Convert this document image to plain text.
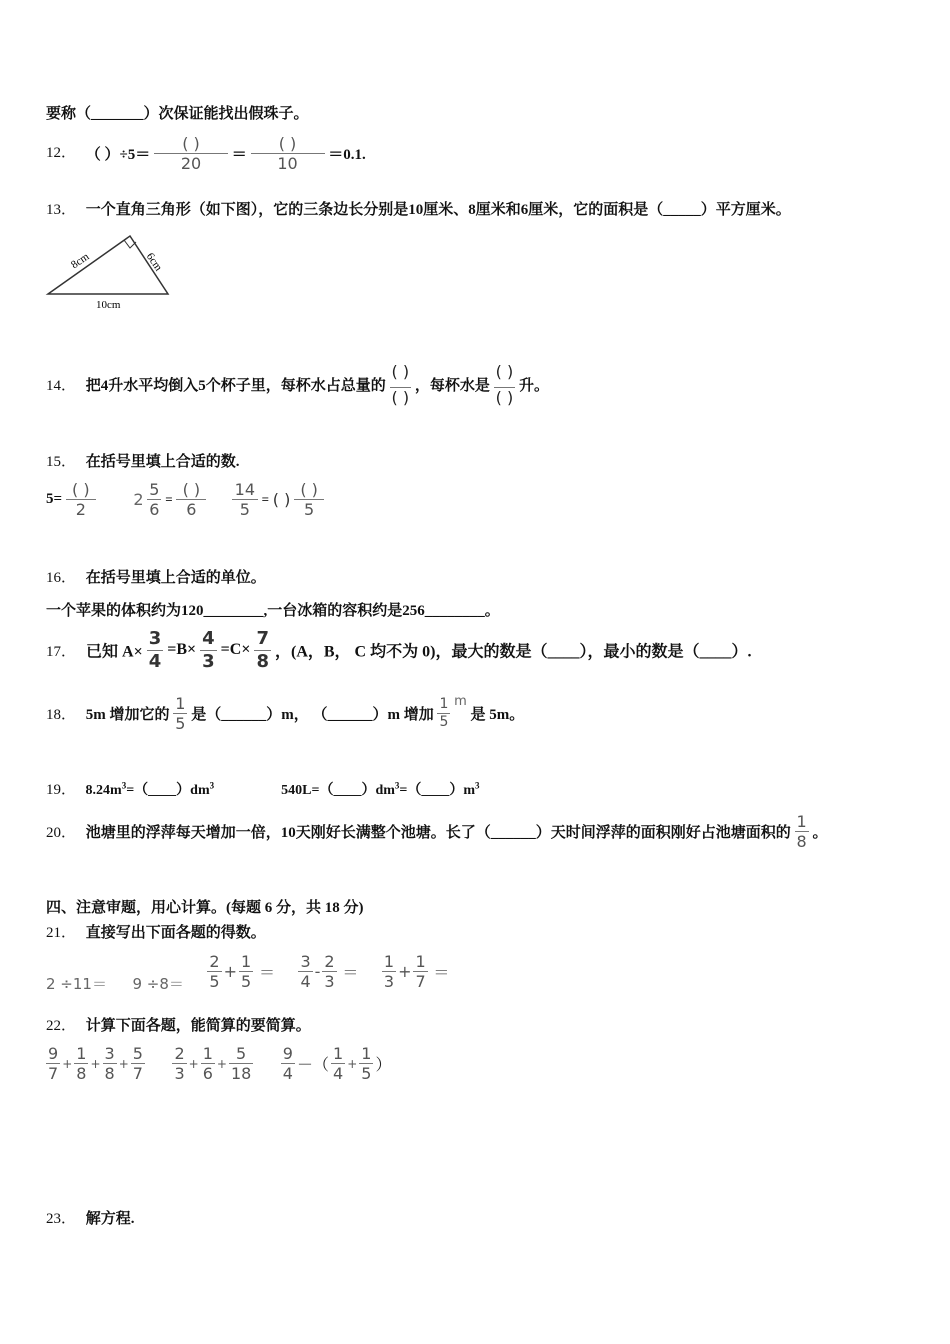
要称（_______）次保证能找出假珠子。
12． （ ）$\div 5= \frac{( )}{20} = \frac{( )}{10} =0.1$.
13． 一个直角三角形（如下图），它的三条边长分别是10厘米、8厘米和6厘米，它的面积是（_____）平方厘米。
8cm	6cm
10cm
14． 把4升水平均倒入5个杯子里，每杯水占总量的 $\frac{( )}{( )}$ ，每杯水是 $\frac{( )}{( )}$ 升。
15． 在括号里填上合适的数.
$5= \frac{( )}{2} 2 \frac{5}{6} = \frac{( )}{6}$
$\frac{14}{5}$ = ( ) $\frac{( )}{5}$
16． 在括号里填上合适的单位。
一个苹果的体积约为120________,一台冰箱的容积约是256________。
17． 已知 $A\times \frac{3}{4} =B\times \frac{4}{3} =C\times \frac{7}{8}$ ，(A，B， C 均不为 0)，最大的数是（____），最小的数是（____）.
18． 5m 增加它的 $\frac{1}{5}$ 是（______）m， （______）m 增加 $\frac{1}{5}$ m 是 5m。
19． $8.24m^3=(\_\_\_\_)dm^3$	$540L=(\_\_\_\_)dm^3=(\_\_\_\_)m^3$
20． 池塘里的浮萍每天增加一倍，10天刚好长满整个池塘。长了（______）天时间浮萍的面积刚好占池塘面积的 $\frac{1}{8}$ 。
四、注意审题，用心计算。(每题 6 分，共 18 分)
21． 直接写出下面各题的得数。
$2 \div 11= 9 \div 8= \frac{2}{5} + \frac{1}{5} = \frac{3}{4} - \frac{2}{3} = \frac{1}{3} + \frac{1}{7}$ ＝
22． 计算下面各题，能简算的要简算。
$\frac{9}{7} + \frac{1}{8} + \frac{3}{8} + \frac{5}{7}$
$\frac{2}{3} + \frac{1}{6} + \frac{5}{18}$
$\frac{9}{4}$ －（ $\frac{1}{4} + \frac{1}{5}$ ）
23． 解方程.
